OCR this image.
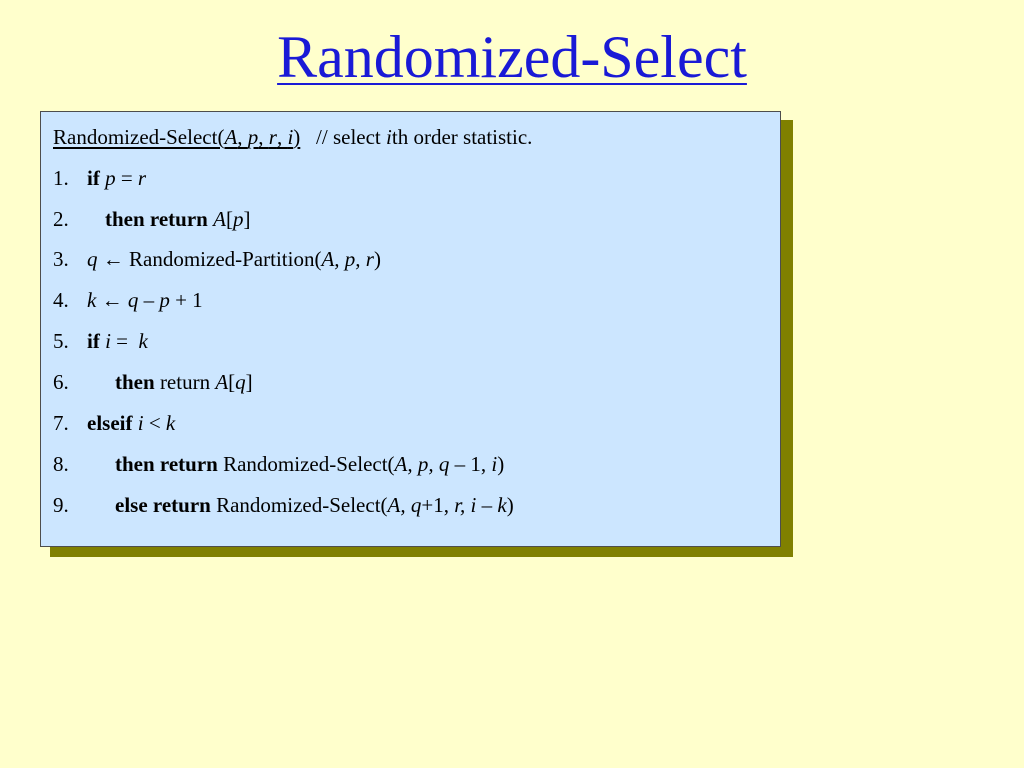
Randomized-Select
Randomized-Select(A, p, r, i) // select ith order statistic.
1. if p = r
2. then return A[p]
3. q ← Randomized-Partition(A, p, r)
4. k ← q – p + 1
5. if i =  k
6. then return A[q]
7. elseif i < k
8. then return Randomized-Select(A, p, q – 1, i)
9. else return Randomized-Select(A, q+1, r, i – k)
